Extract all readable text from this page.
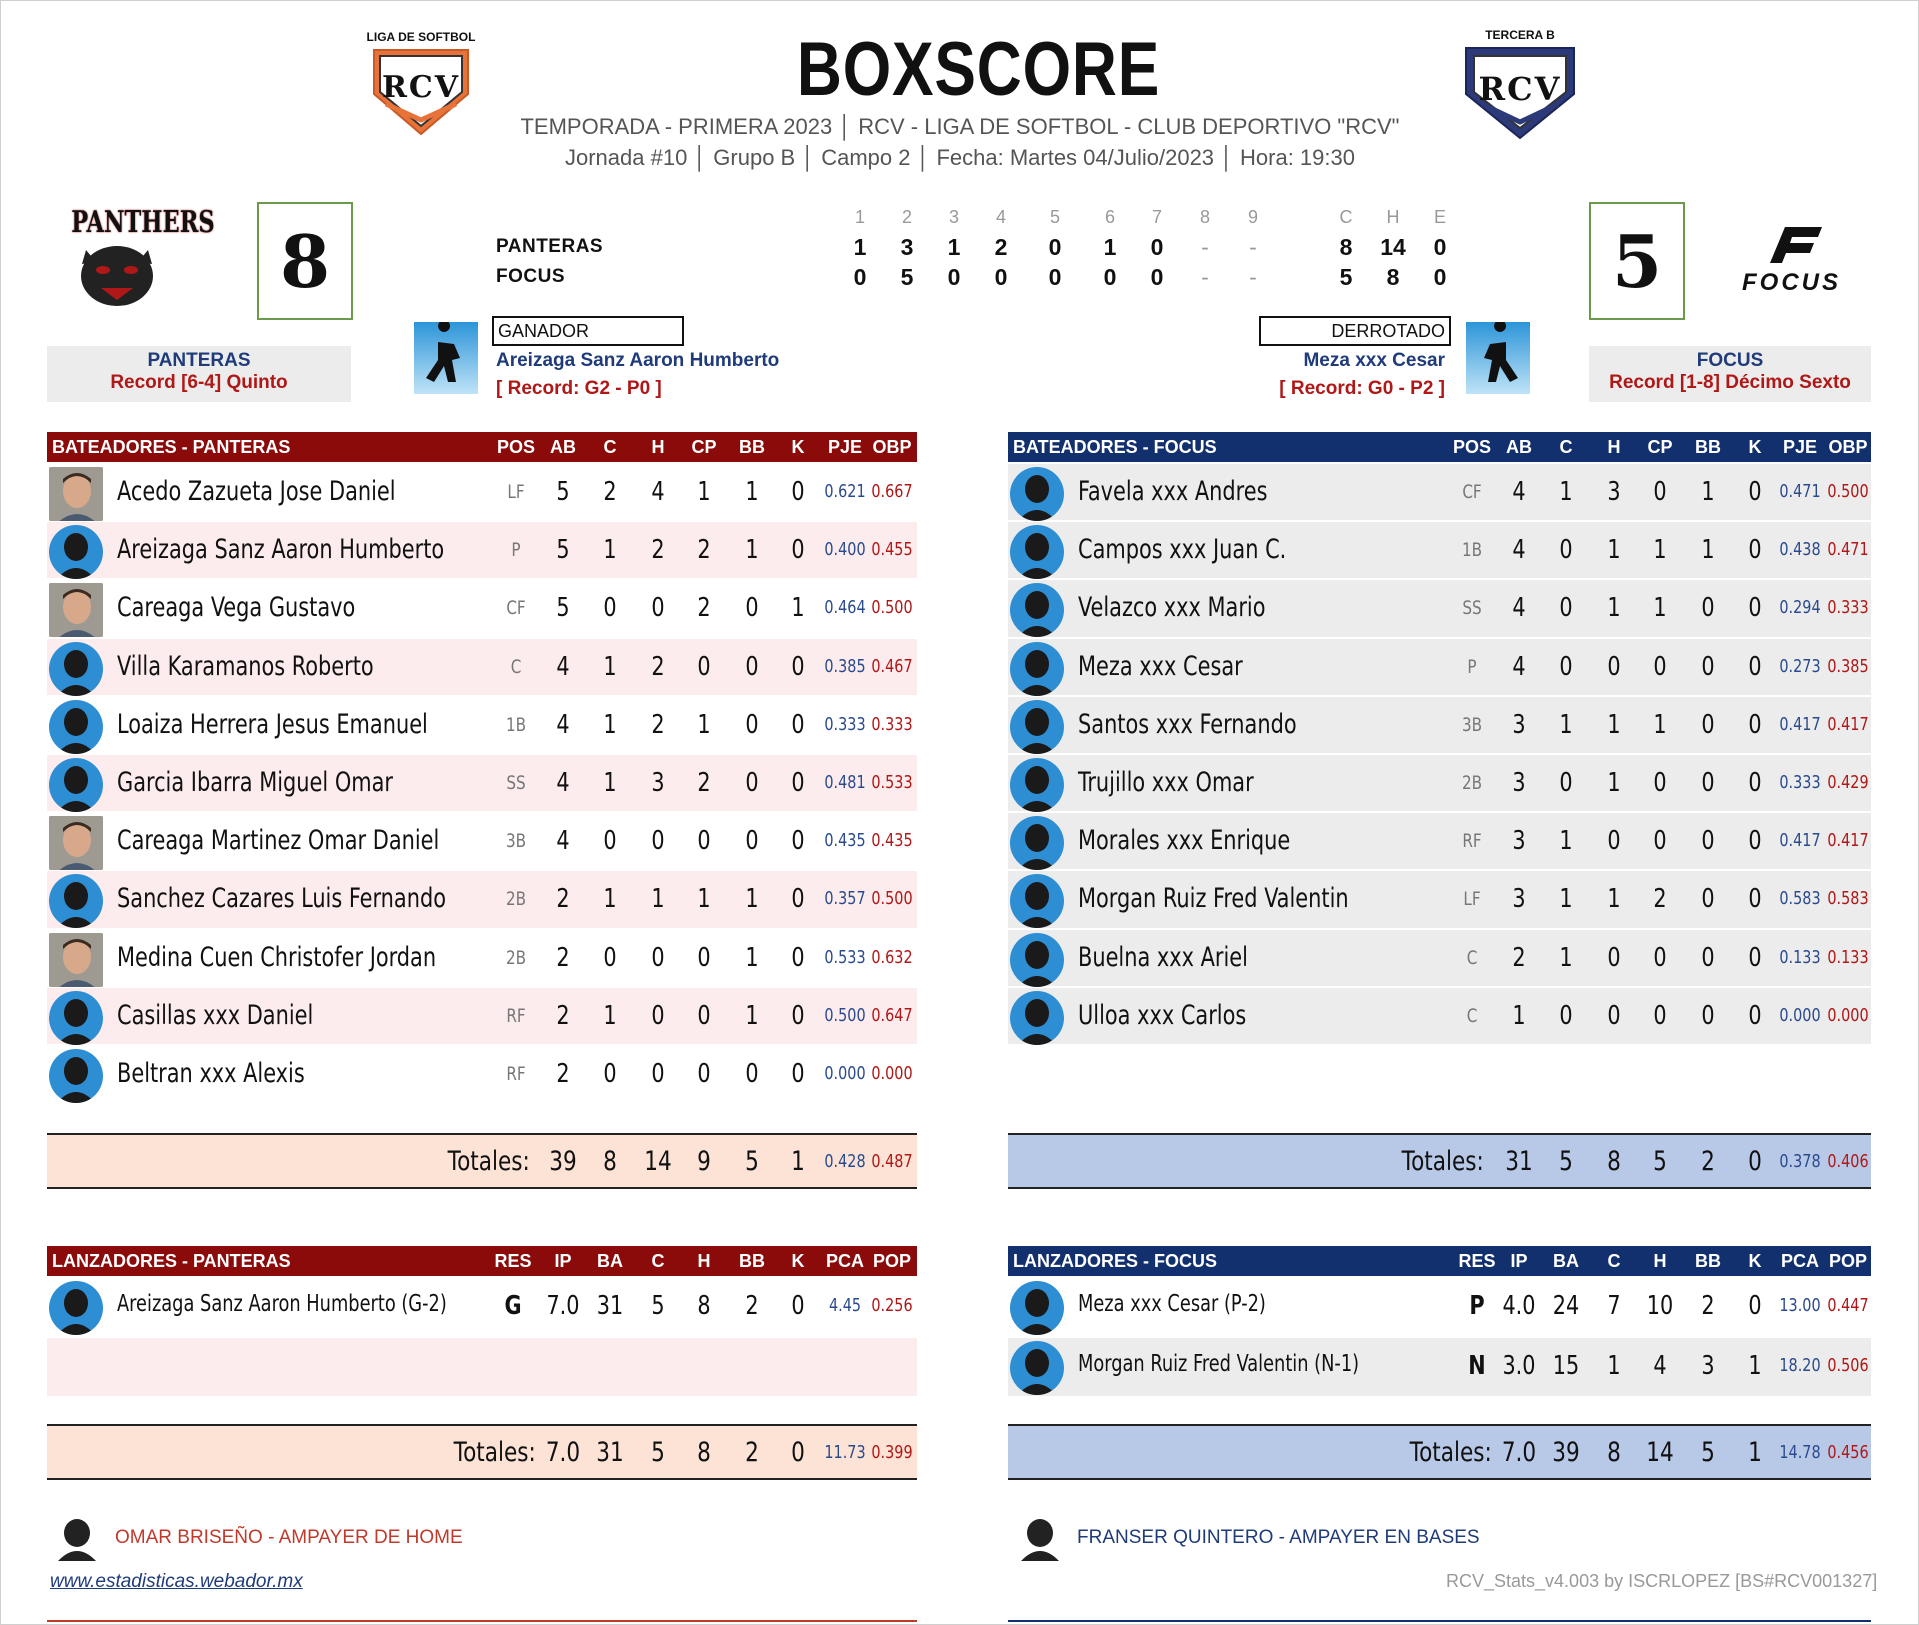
LIGA DE SOFTBOL
RCV
TERCERA B
RCV
BOXSCORE
TEMPORADA - PRIMERA 2023 │ RCV - LIGA DE SOFTBOL - CLUB DEPORTIVO "RCV"
Jornada #10 │ Grupo B │ Campo 2 │ Fecha: Martes 04/Julio/2023 │ Hora: 19:30
PANTHERS 8	5	FOCUS
PANTERAS
FOCUS
1	2	3	4	5	6	7	8	9	C	H	E
1	3	1	2	0	1	0	-	-	8	14	0
0	5	0	0	0	0	0	-	-	5	8	0
PANTERAS
Record [6-4] Quinto
FOCUS
Record [1-8] Décimo Sexto
GANADOR
Areizaga Sanz Aaron Humberto
[ Record: G2 - P0 ]
DERROTADO
Meza xxx Cesar
[ Record: G0 - P2 ]
BATEADORES - PANTERAS	POS AB	C	H	CP	BB	K	PJE OBP
Acedo Zazueta Jose Daniel	LF	5	2	4	1	1	0	0.621 0.667
Areizaga Sanz Aaron Humberto	P	5	1	2	2	1	0	0.400 0.455
Careaga Vega Gustavo	CF	5	0	0	2	0	1	0.464 0.500
Villa Karamanos Roberto	C	4	1	2	0	0	0	0.385 0.467
Loaiza Herrera Jesus Emanuel	1B	4	1	2	1	0	0	0.333 0.333
Garcia Ibarra Miguel Omar	SS	4	1	3	2	0	0	0.481 0.533
Careaga Martinez Omar Daniel	3B	4	0	0	0	0	0	0.435 0.435
Sanchez Cazares Luis Fernando	2B	2	1	1	1	1	0	0.357 0.500
Medina Cuen Christofer Jordan	2B	2	0	0	0	1	0	0.533 0.632
Casillas xxx Daniel	RF	2	1	0	0	1	0	0.500 0.647
Beltran xxx Alexis	RF	2	0	0	0	0	0	0.000 0.000
Totales: 39 8	14 9	5	1	0.428 0.487
BATEADORES - FOCUS	POS AB	C	H	CP	BB	K	PJE OBP
Favela xxx Andres	CF	4	1	3	0	1	0 0.471 0.500
Campos xxx Juan C.	1B	4	0	1	1	1	0 0.438 0.471
Velazco xxx Mario	SS	4	0	1	1	0	0 0.294 0.333
Meza xxx Cesar	P	4	0	0	0	0	0 0.273 0.385
Santos xxx Fernando	3B	3	1	1	1	0	0 0.417 0.417
Trujillo xxx Omar	2B	3	0	1	0	0	0 0.333 0.429
Morales xxx Enrique	RF	3	1	0	0	0	0 0.417 0.417
Morgan Ruiz Fred Valentin	LF	3	1	1	2	0	0 0.583 0.583
Buelna xxx Ariel	C	2	1	0	0	0	0 0.133 0.133
Ulloa xxx Carlos	C	1	0	0	0	0	0 0.000 0.000
Totales: 31 5	8	5	2	0 0.378 0.406
LANZADORES - PANTERAS	RES	IP	BA	C	H	BB	K	PCA POP
Areizaga Sanz Aaron Humberto (G-2)	G 7.0 31	5	8	2	0	4.45 0.256
Totales: 7.0 31	5	8	2	0	11.73 0.399
LANZADORES - FOCUS	RES IP	BA	C	H	BB	K	PCA POP
Meza xxx Cesar (P-2)	P 4.0 24	7	10	2	0 13.00 0.447
Morgan Ruiz Fred Valentin (N-1)	N 3.0 15	1	4	3	1 18.20 0.506
Totales: 7.0 39	8 14	5	1 14.78 0.456
OMAR BRISEÑO - AMPAYER DE HOME	FRANSER QUINTERO - AMPAYER EN BASES
www.estadisticas.webador.mx	RCV_Stats_v4.003 by ISCRLOPEZ [BS#RCV001327]
